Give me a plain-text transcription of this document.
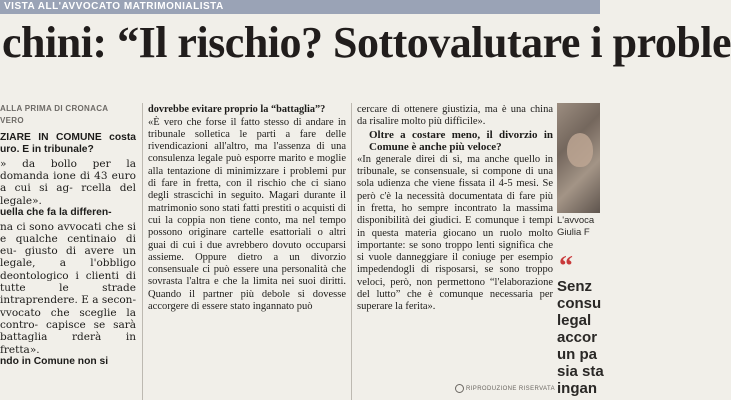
VISTA ALL'AVVOCATO MATRIMONIALISTA
chini: “Il rischio? Sottovalutare i proble

ALLA PRIMA DI CRONACA

VERO

ZIARE IN COMUNE costa uro. E in tribunale?

» da bollo per la domanda ione di 43 euro a cui si ag- rcella del legale».

uella che fa la differen-

na ci sono avvocati che si e qualche centinaio di eu- giusto di avere un legale, a l'obbligo deontologico i clienti di tutte le strade intraprendere. E a secon- vvocato che sceglie la contro- capisce se sarà battaglia rderà in fretta».

ndo in Comune non si

dovrebbe evitare proprio la “battaglia”?

«È vero che forse il fatto stesso di andare in tribunale solletica le parti a fare delle rivendicazioni all'altro, ma l'assenza di una consulenza legale può esporre marito e moglie alla tentazione di minimizzare i problemi pur di fare in fretta, con il rischio che ci siano degli strascichi in seguito. Magari durante il matrimonio sono stati fatti prestiti o acquisti di cui la coppia non tiene conto, ma nel tempo possono originare cartelle esattoriali o altri guai di cui i due avrebbero dovuto occuparsi assieme. Oppure dietro a un divorzio consensuale ci può essere una personalità che sovrasta l'altra e che la limita nei suoi diritti. Quando il partner più debole si dovesse accorgere di essere stato ingannato può

cercare di ottenere giustizia, ma è una china da risalire molto più difficile».

Oltre a costare meno, il divorzio in Comune è anche più veloce?

«In generale direi di sì, ma anche quello in tribunale, se consensuale, si compone di una sola udienza che viene fissata il 4-5 mesi. Se però c'è la necessità documentata di fare più in fretta, ho sempre incontrato la massima disponibilità dei giudici. E comunque i tempi in questa materia giocano un ruolo molto importante: se sono troppo lenti significa che si vuole danneggiare il coniuge per esempio impedendogli di risposarsi, se sono troppo veloci, però, non permettono “l'elaborazione del lutto” che è comunque necessaria per superare la ferita».

RIPRODUZIONE RISERVATA
L'avvoca
Giulia F
“
Senz
consu
legal
accor
un pa
sia sta
ingan
